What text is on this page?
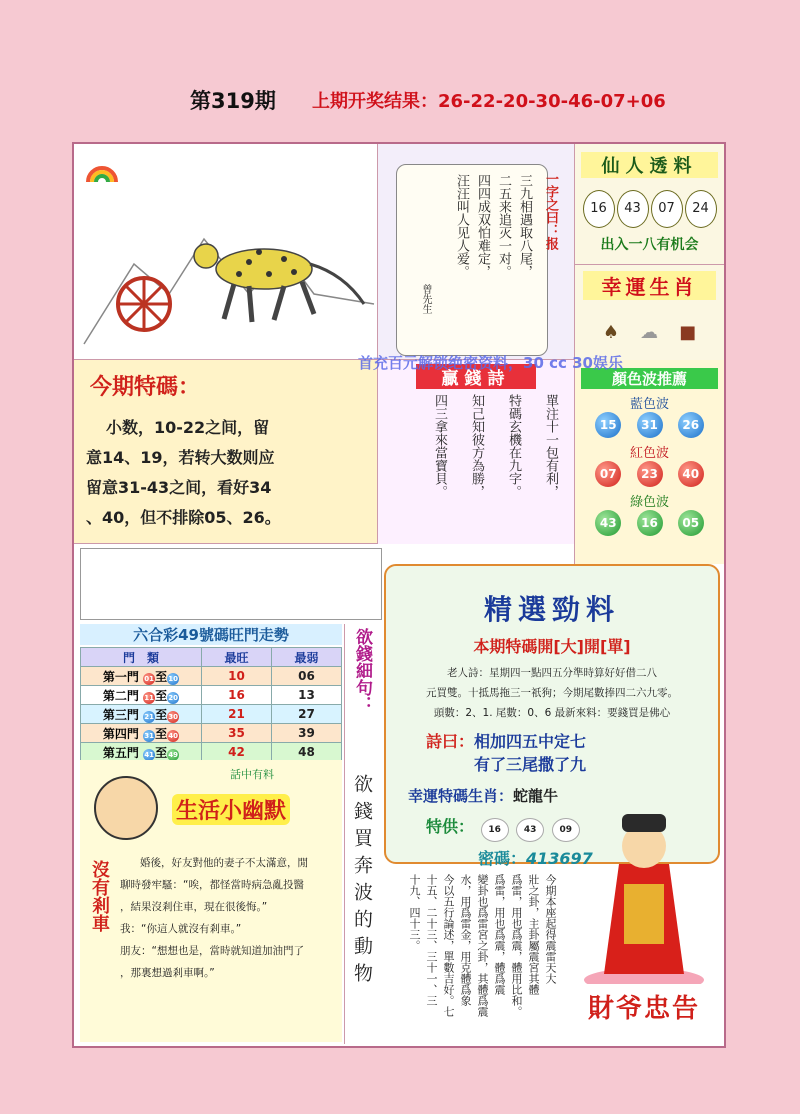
第319期 上期开奖结果：26-22-20-30-46-07+06
一字之曰：报
三九相遇取八尾，
二五来追灭一对。
四四成双怕难定，
汪汪叫人见人爱。
曾先生
仙人透料
16 43 07 24
出入一八有机会
幸運生肖
♠ ☁ ■
今期特碼：
小数，10-22之间，留
意14、19，若转大数则应
留意31-43之间，看好34
、40，但不排除05、26。
贏錢詩
單注十一包有利，
特碼玄機在九字。
知己知彼方為勝，
四三拿來當寶貝。
顏色波推薦
藍色波
15 31 26
紅色波
07 23 40
綠色波
43 16 05
首充百元解锁绝密资料，30 cc 30娱乐
精選勁料
本期特碼開[大]開[單]
老人詩：星期四一點四五分準時算好好借二八
元買雙。十抵馬拖三一祇狗；今期尾數捧四二六九零。
頭數：2、1. 尾數：0、6 最新來料：要錢買是佛心
詩曰：相加四五中定七
有了三尾撒了九
幸運特碼生肖：蛇龍牛
特供： 16	43	09
密碼：413697
六合彩49號碼旺門走勢
門　類	最旺	最弱
第一門 01至10	10	06
第二門 11至20	16	13
第三門 21至30	21	27
第四門 31至40	35	39
第五門 41至49	42	48
欲錢細句：
欲錢買奔波的動物
話中有料
生活小幽默
沒有剎車	婚後，好友對他的妻子不太滿意，閒
聊時發牢騷：“唉，都怪當時病急亂投醫
，結果沒剎住車，現在很後悔。”
我：“你這人就沒有剎車。”
朋友：“想想也是，當時就知道加油門了
，那裏想過剎車啊。”	今期本座起得震雷天大
壯之卦，主卦屬震宮其體
爲雷，用也爲震，體用比和。
爲雷，用也爲震，體爲震
變卦也爲雷宮之卦，其體爲震
水，用爲雷金，用克體爲象
今以五行論述，單數吉好。七
十五、二十三、三十一、三
十九、四十三。
財爷忠告
